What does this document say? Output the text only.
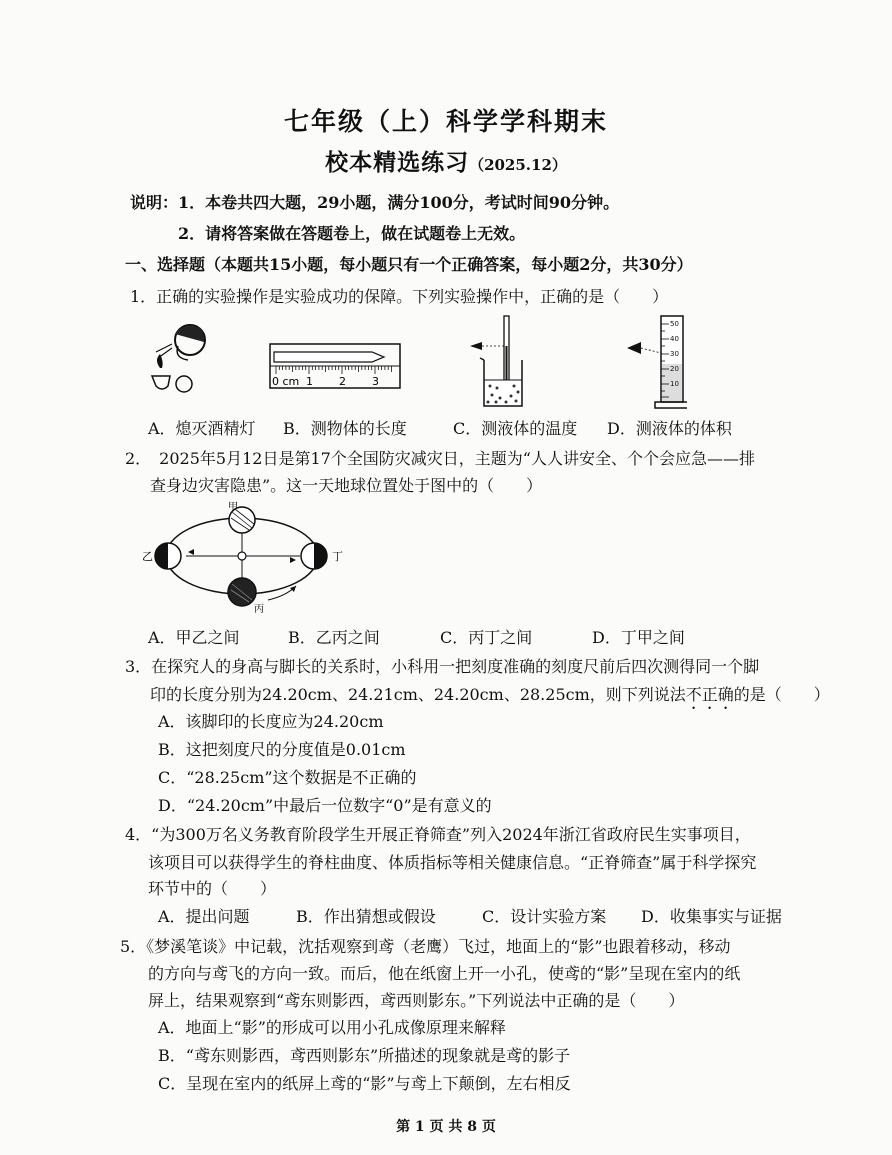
七年级（上）科学学科期末
校本精选练习（2025.12）
说明：1．本卷共四大题，29小题，满分100分，考试时间90分钟。
2．请将答案做在答题卷上，做在试题卷上无效。
一、选择题（本题共15小题，每小题只有一个正确答案，每小题2分，共30分）
1．正确的实验操作是实验成功的保障。下列实验操作中，正确的是（　　）
0 cm 1 2 3
50
40
30
20
10
A．熄灭酒精灯 B．测物体的长度	C．测液体的温度 D．测液体的体积
2．　2025年5月12日是第17个全国防灾减灾日，主题为“人人讲安全、个个会应急——排
查身边灾害隐患”。这一天地球位置处于图中的（　　）
甲
乙	丁
丙
A．甲乙之间	B．乙丙之间	C．丙丁之间	D．丁甲之间
3．在探究人的身高与脚长的关系时，小科用一把刻度准确的刻度尺前后四次测得同一个脚
印的长度分别为24.20cm、24.21cm、24.20cm、28.25cm，则下列说法不正确的是（　　）
A．该脚印的长度应为24.20cm
B．这把刻度尺的分度值是0.01cm
C．“28.25cm”这个数据是不正确的
D．“24.20cm”中最后一位数字“0”是有意义的
4．“为300万名义务教育阶段学生开展正脊筛查”列入2024年浙江省政府民生实事项目，
该项目可以获得学生的脊柱曲度、体质指标等相关健康信息。“正脊筛查”属于科学探究
环节中的（　　）
A．提出问题	B．作出猜想或假设	C．设计实验方案 D．收集事实与证据
5．《梦溪笔谈》中记载，沈括观察到鸢（老鹰）飞过，地面上的“影”也跟着移动，移动
的方向与鸢飞的方向一致。而后，他在纸窗上开一小孔，使鸢的“影”呈现在室内的纸
屏上，结果观察到“鸢东则影西，鸢西则影东。”下列说法中正确的是（　　）
A．地面上“影”的形成可以用小孔成像原理来解释
B．“鸢东则影西，鸢西则影东”所描述的现象就是鸢的影子
C．呈现在室内的纸屏上鸢的“影”与鸢上下颠倒，左右相反
第 1 页 共 8 页
